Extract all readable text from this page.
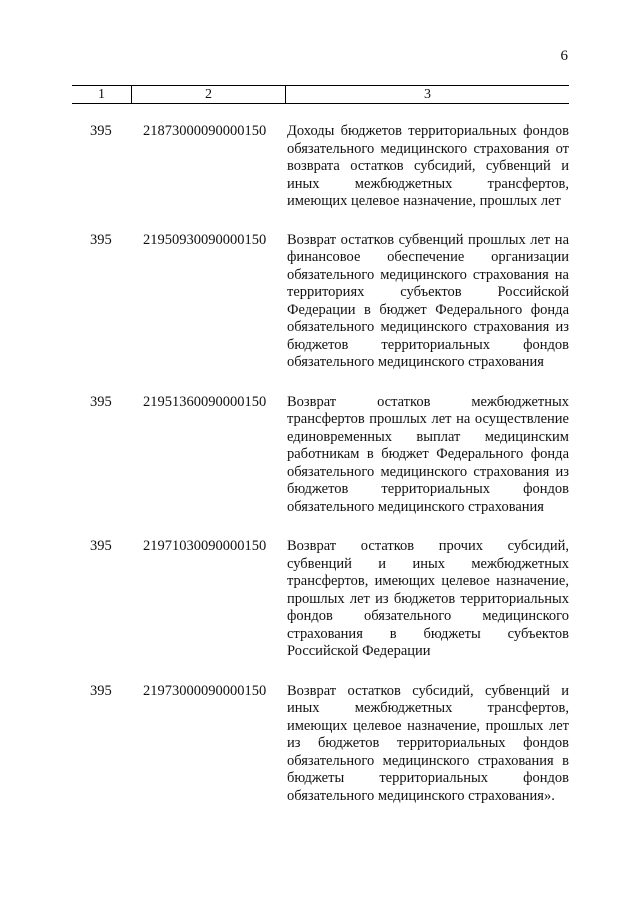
6
1	2	3
395 21873000090000150 Доходы бюджетов территориальных фондов обязательного медицинского страхования от возврата остатков субсидий, субвенций и иных межбюджетных трансфертов, имеющих целевое назначение, прошлых лет
395 21950930090000150 Возврат остатков субвенций прошлых лет на финансовое обеспечение организации обязательного медицинского страхования на территориях субъектов Российской Федерации в бюджет Федерального фонда обязательного медицинского страхования из бюджетов территориальных фондов обязательного медицинского страхования
395 21951360090000150 Возврат остатков межбюджетных трансфертов прошлых лет на осуществление единовременных выплат медицинским работникам в бюджет Федерального фонда обязательного медицинского страхования из бюджетов территориальных фондов обязательного медицинского страхования
395 21971030090000150 Возврат остатков прочих субсидий, субвенций и иных межбюджетных трансфертов, имеющих целевое назначение, прошлых лет из бюджетов территориальных фондов обязательного медицинского страхования в бюджеты субъектов Российской Федерации
395 21973000090000150 Возврат остатков субсидий, субвенций и иных межбюджетных трансфертов, имеющих целевое назначение, прошлых лет из бюджетов территориальных фондов обязательного медицинского страхования в бюджеты территориальных фондов обязательного медицинского страхования».
